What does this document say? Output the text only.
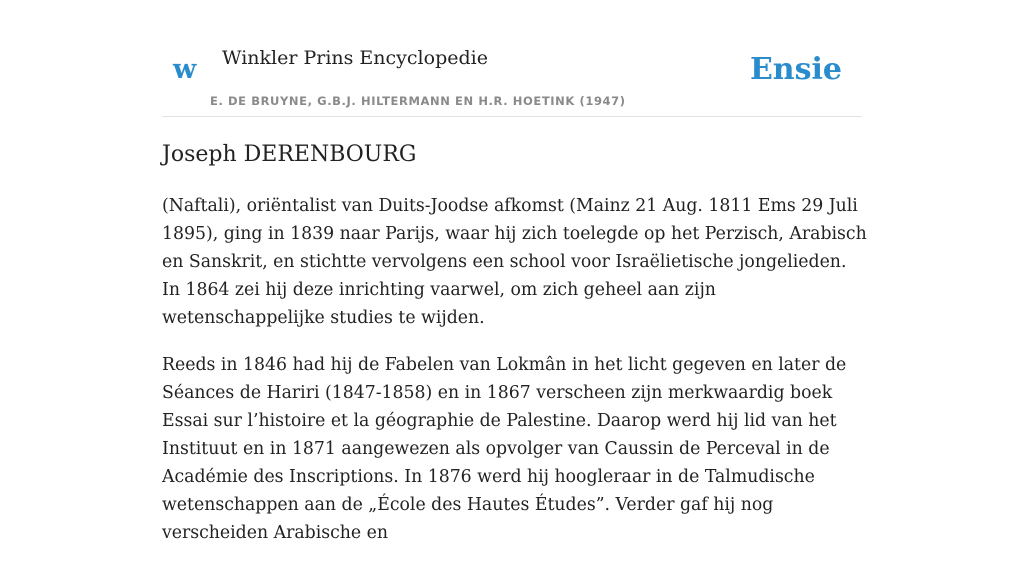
w Winkler Prins Encyclopedie
E. DE BRUYNE, G.B.J. HILTERMANN EN H.R. HOETINK (1947)
Ensie
Joseph DERENBOURG

(Naftali), oriëntalist van Duits-Joodse afkomst (Mainz 21 Aug. 1811 Ems 29 Juli 1895), ging in 1839 naar Parijs, waar hij zich toelegde op het Perzisch, Arabisch en Sanskrit, en stichtte vervolgens een school voor Israëlietische jongelieden. In 1864 zei hij deze inrichting vaarwel, om zich geheel aan zijn wetenschappelijke studies te wijden.

Reeds in 1846 had hij de Fabelen van Lokmân in het licht gegeven en later de Séances de Hariri (1847-1858) en in 1867 verscheen zijn merkwaardig boek Essai sur l’histoire et la géographie de Palestine. Daarop werd hij lid van het Instituut en in 1871 aangewezen als opvolger van Caussin de Perceval in de Académie des Inscriptions. In 1876 werd hij hoogleraar in de Talmudische wetenschappen aan de „École des Hautes Études”. Verder gaf hij nog verscheiden Arabische en
